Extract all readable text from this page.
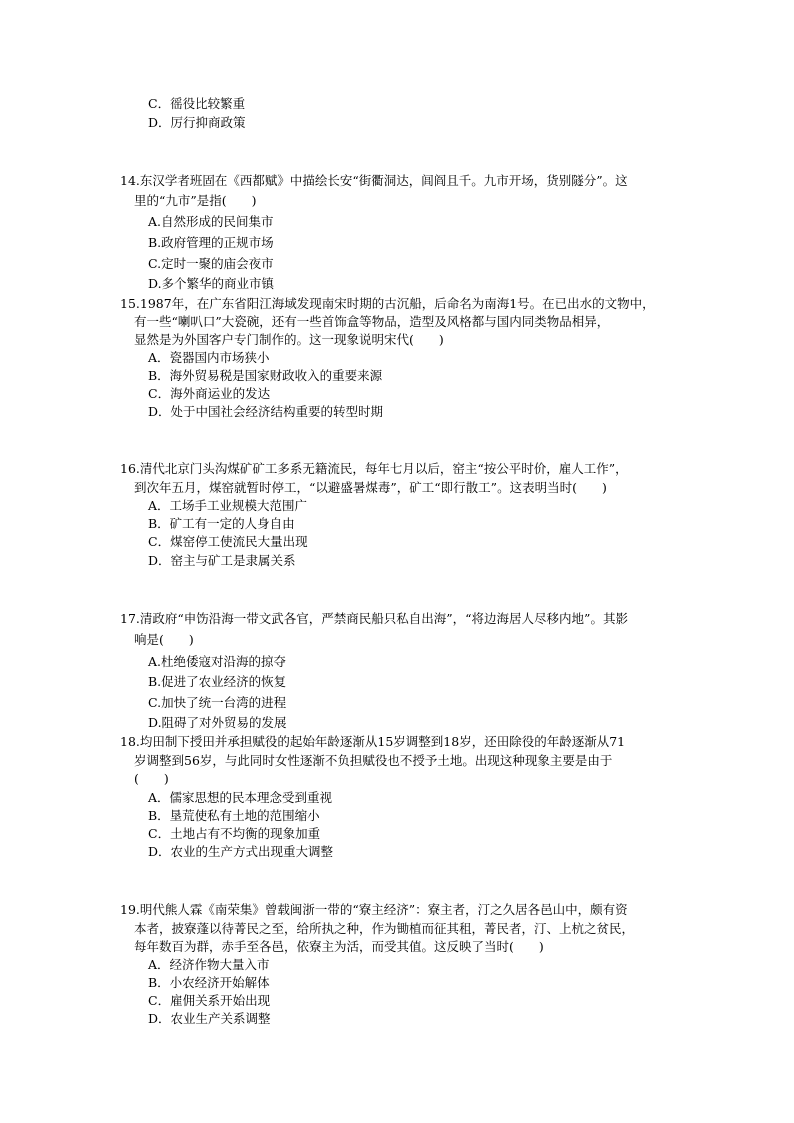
C．徭役比较繁重
D．厉行抑商政策
14.东汉学者班固在《西都赋》中描绘长安“街衢洞达，闾阎且千。九市开场，货别隧分”。这
里的“九市”是指(　　)
A.自然形成的民间集市
B.政府管理的正规市场
C.定时一聚的庙会夜市
D.多个繁华的商业市镇
15.1987年，在广东省阳江海域发现南宋时期的古沉船，后命名为南海1号。在已出水的文物中，
有一些“喇叭口”大瓷碗，还有一些首饰盒等物品，造型及风格都与国内同类物品相异，
显然是为外国客户专门制作的。这一现象说明宋代(　　)
A．瓷器国内市场狭小
B．海外贸易税是国家财政收入的重要来源
C．海外商运业的发达
D．处于中国社会经济结构重要的转型时期
16.清代北京门头沟煤矿矿工多系无籍流民，每年七月以后，窑主“按公平时价，雇人工作”，
到次年五月，煤窑就暂时停工，“以避盛暑煤毒”，矿工“即行散工”。这表明当时(　　)
A．工场手工业规模大范围广
B．矿工有一定的人身自由
C．煤窑停工使流民大量出现
D．窑主与矿工是隶属关系
17.清政府“申饬沿海一带文武各官，严禁商民船只私自出海”，“将边海居人尽移内地”。其影
响是(　　)
A.杜绝倭寇对沿海的掠夺
B.促进了农业经济的恢复
C.加快了统一台湾的进程
D.阻碍了对外贸易的发展
18.均田制下授田并承担赋役的起始年龄逐渐从15岁调整到18岁，还田除役的年龄逐渐从71
岁调整到56岁，与此同时女性逐渐不负担赋役也不授予土地。出现这种现象主要是由于
(　　)
A．儒家思想的民本理念受到重视
B．垦荒使私有土地的范围缩小
C．土地占有不均衡的现象加重
D．农业的生产方式出现重大调整
19.明代熊人霖《南荣集》曾载闽浙一带的“寮主经济”：寮主者，汀之久居各邑山中，颇有资
本者，披寮蓬以待菁民之至，给所执之种，作为锄植而征其租，菁民者，汀、上杭之贫民，
每年数百为群，赤手至各邑，依寮主为活，而受其值。这反映了当时(　　)
A．经济作物大量入市
B．小农经济开始解体
C．雇佣关系开始出现
D．农业生产关系调整
